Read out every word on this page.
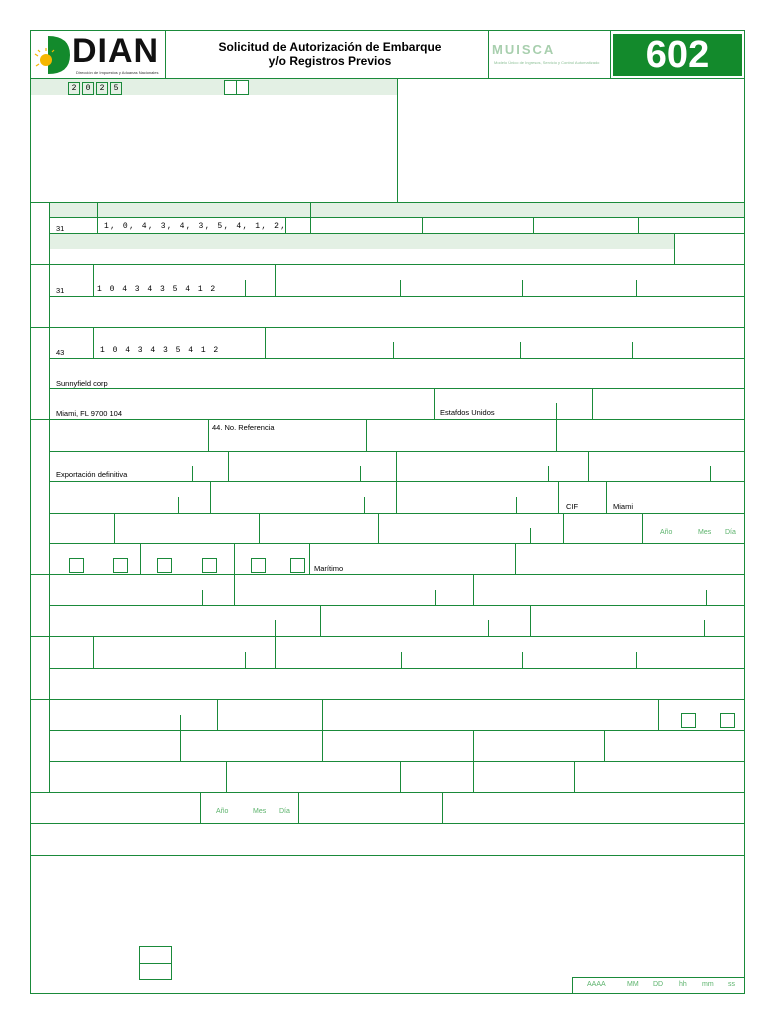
DIAN
Dirección de Impuestos y Aduanas Nacionales
Solicitud de Autorización de Embarque
y/o Registros Previos
MUISCA
Modelo Único de Ingresos, Servicio y Control Automatizado	602
2	0	2	5
31	1, 0, 4, 3, 4, 3, 5, 4, 1, 2,
31	1 0 4 3 4 3 5 4 1 2
43	1 0 4 3 4 3 5 4 1 2
Sunnyfield corp
Miami, FL 9700 104	Estafdos Unidos
44. No. Referencia
Exportación definitiva
CIF	Miami
Año	Mes Día
Marítimo
Año	Mes Día
AAAA	MM DD hh mm ss
